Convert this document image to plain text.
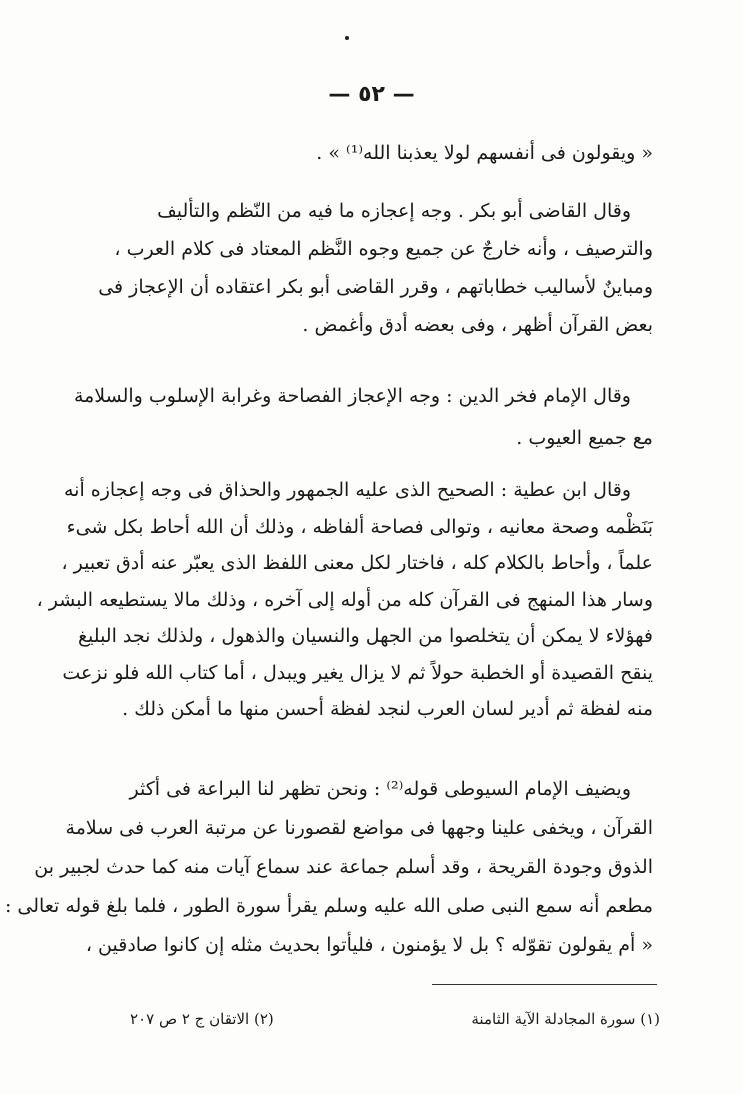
— ٥٢ —
« ويقولون فى أنفسهم لولا يعذبنا الله⁽¹⁾ » .
وقال القاضى أبو بكر . وجه إعجازه ما فيه من النّظم والتأليف
والترصيف ، وأنه خارجٌ عن جميع وجوه النَّظم المعتاد فى كلام العرب ،
ومباينٌ لأساليب خطاباتهم ، وقرر القاضى أبو بكر اعتقاده أن الإعجاز فى
بعض القرآن أظهر ، وفى بعضه أدق وأغمض .
وقال الإمام فخر الدين : وجه الإعجاز الفصاحة وغرابة الإسلوب والسلامة
مع جميع العيوب .
وقال ابن عطية : الصحيح الذى عليه الجمهور والحذاق فى وجه إعجازه أنه
بَنَظْمه وصحة معانيه ، وتوالى فصاحة ألفاظه ، وذلك أن الله أحاط بكل شىء
علماً ، وأحاط بالكلام كله ، فاختار لكل معنى اللفظ الذى يعبّر عنه أدق تعبير ،
وسار هذا المنهج فى القرآن كله من أوله إلى آخره ، وذلك مالا يستطيعه البشر ،
فهؤلاء لا يمكن أن يتخلصوا من الجهل والنسيان والذهول ، ولذلك نجد البليغ
ينقح القصيدة أو الخطبة حولاً ثم لا يزال يغير ويبدل ، أما كتاب الله فلو نزعت
منه لفظة ثم أدير لسان العرب لنجد لفظة أحسن منها ما أمكن ذلك .
ويضيف الإمام السيوطى قوله⁽²⁾ : ونحن تظهر لنا البراعة فى أكثر
القرآن ، ويخفى علينا وجهها فى مواضع لقصورنا عن مرتبة العرب فى سلامة
الذوق وجودة القريحة ، وقد أسلم جماعة عند سماع آيات منه كما حدث لجبير بن
مطعم أنه سمع النبى صلى الله عليه وسلم يقرأ سورة الطور ، فلما بلغ قوله تعالى :
« أم يقولون تقوّله ؟ بل لا يؤمنون ، فليأتوا بحديث مثله إن كانوا صادقين ،
(١) سورة المجادلة الآية الثامنة
(٢) الاتقان ج ٢ ص ٢٠٧
